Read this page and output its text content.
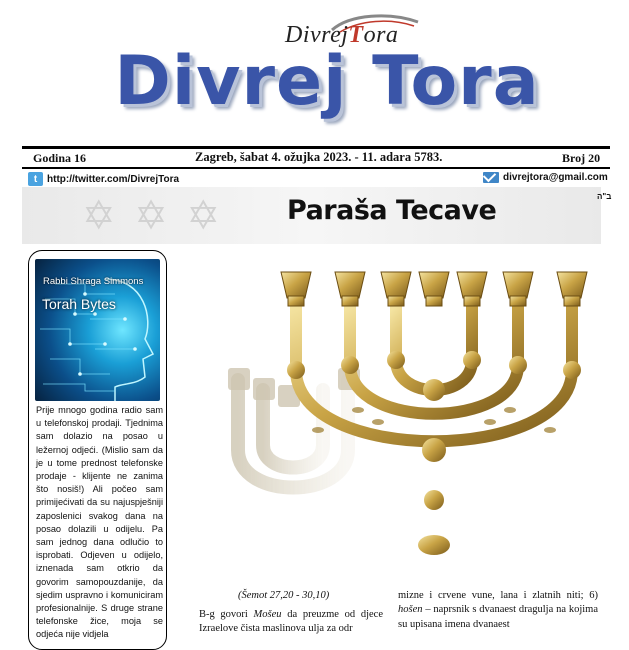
DivrejTora
Divrej Tora
Godina 16	Zagreb, šabat 4. ožujka 2023. - 11. adara 5783.	Broj 20
t http://twitter.com/DivrejTora	divrejtora@gmail.com
✡ ✡ ✡ Paraša Tecave	ב"ה
Rabbi Shraga Simmons
Torah Bytes
Prije mnogo godina radio sam u telefonskoj prodaji. Tjednima sam dolazio na posao u ležernoj odjeći. (Mislio sam da je u tome prednost telefonske prodaje - klijente ne zanima što nosiš!) Ali počeo sam primijećivati da su najuspješniji zaposlenici svakog dana na posao dolazili u odijelu. Pa sam jednog dana odlučio to isprobati. Odjeven u odijelo, iznenada sam otkrio da govorim samopouzdanije, da sjedim uspravno i komuniciram profesionalnije. S druge strane telefonske žice, moja se odjeća nije vidjela
(Šemot 27,20 - 30,10)
B-g govori Mošeu da preuzme od djece Izraelove čista maslinova ulja za odr
mizne i crvene vune, lana i zlatnih niti; 6) hošen – naprsnik s dvanaest dragulja na kojima su upisana imena dvanaest
